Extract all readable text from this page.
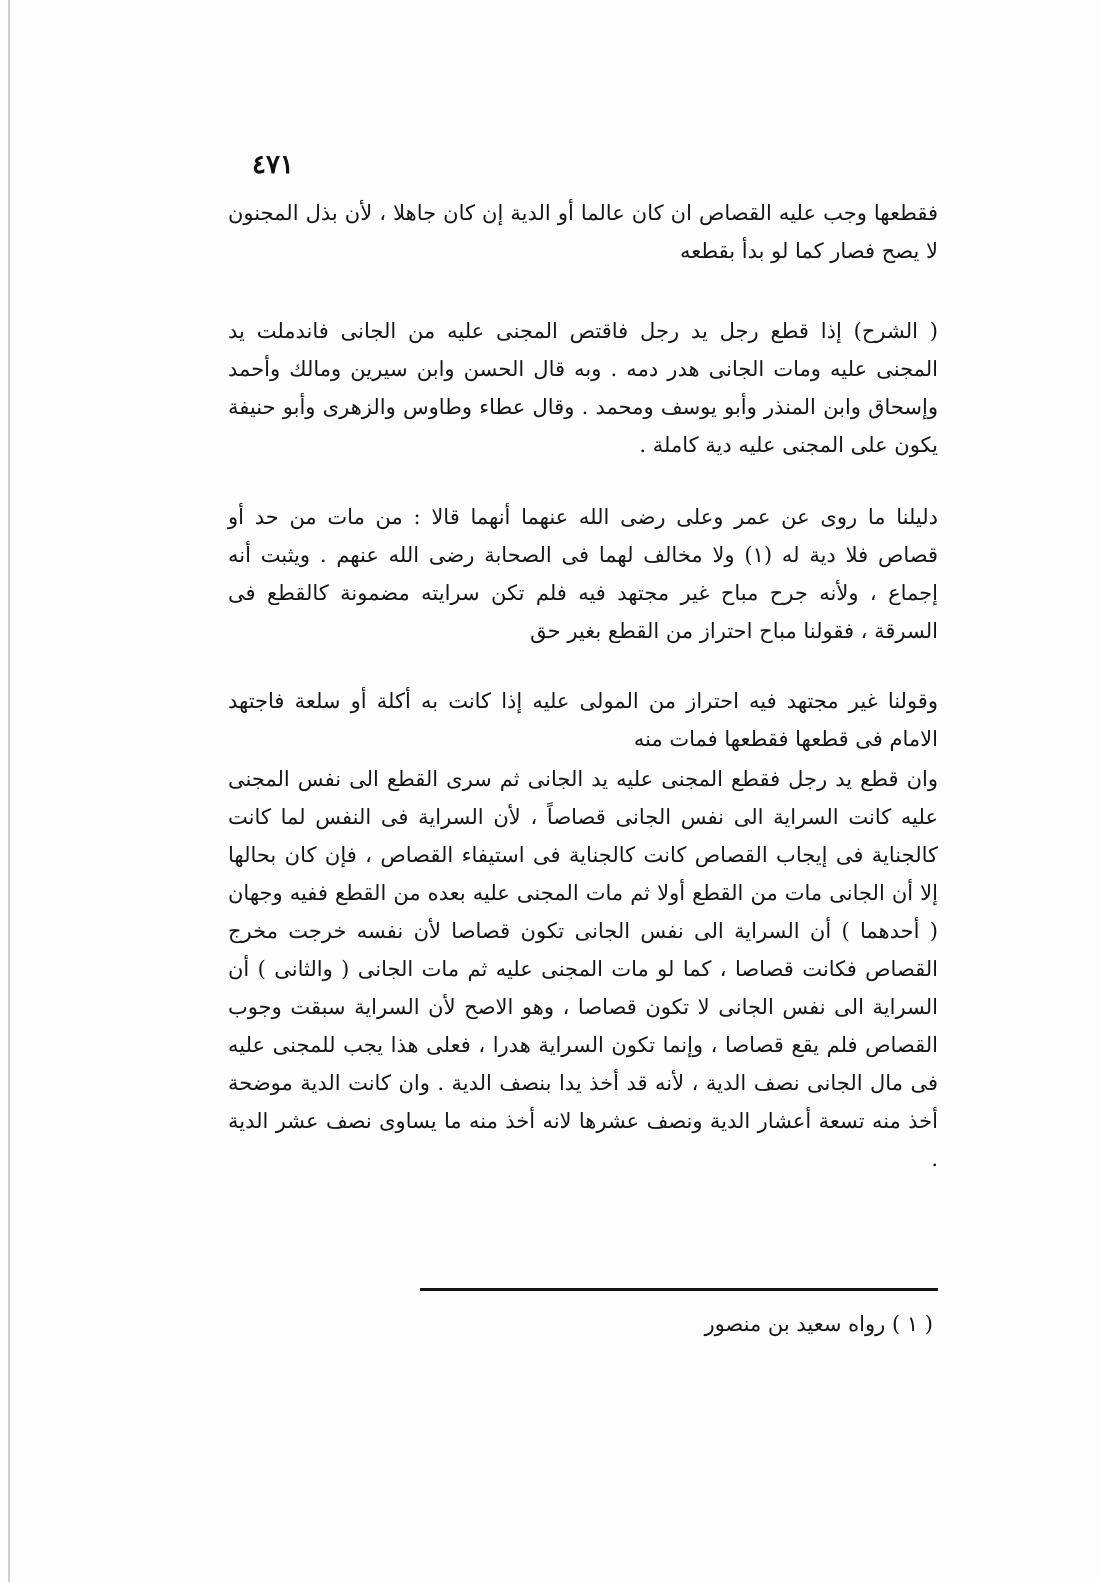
٤٧١

فقطعها وجب عليه القصاص ان كان عالما أو الدية إن كان جاهلا ، لأن بذل المجنون لا يصح فصار كما لو بدأ بقطعه

( الشرح) إذا قطع رجل يد رجل فاقتص المجنى عليه من الجانى فاندملت يد المجنى عليه ومات الجانى هدر دمه . وبه قال الحسن وابن سيرين ومالك وأحمد وإسحاق وابن المنذر وأبو يوسف ومحمد . وقال عطاء وطاوس والزهرى وأبو حنيفة يكون على المجنى عليه دية كاملة .

دليلنا ما روى عن عمر وعلى رضى الله عنهما أنهما قالا : من مات من حد أو قصاص فلا دية له (١) ولا مخالف لهما فى الصحابة رضى الله عنهم . ويثبت أنه إجماع ، ولأنه جرح مباح غير مجتهد فيه فلم تكن سرايته مضمونة كالقطع فى السرقة ، فقولنا مباح احتراز من القطع بغير حق

وقولنا غير مجتهد فيه احتراز من المولى عليه إذا كانت به أكلة أو سلعة فاجتهد الامام فى قطعها فقطعها فمات منه

وان قطع يد رجل فقطع المجنى عليه يد الجانى ثم سرى القطع الى نفس المجنى عليه كانت السراية الى نفس الجانى قصاصاً ، لأن السراية فى النفس لما كانت كالجناية فى إيجاب القصاص كانت كالجناية فى استيفاء القصاص ، فإن كان بحالها إلا أن الجانى مات من القطع أولا ثم مات المجنى عليه بعده من القطع ففيه وجهان ( أحدهما ) أن السراية الى نفس الجانى تكون قصاصا لأن نفسه خرجت مخرج القصاص فكانت قصاصا ، كما لو مات المجنى عليه ثم مات الجانى ( والثانى ) أن السراية الى نفس الجانى لا تكون قصاصا ، وهو الاصح لأن السراية سبقت وجوب القصاص فلم يقع قصاصا ، وإنما تكون السراية هدرا ، فعلى هذا يجب للمجنى عليه فى مال الجانى نصف الدية ، لأنه قد أخذ يدا بنصف الدية . وان كانت الدية موضحة أخذ منه تسعة أعشار الدية ونصف عشرها لانه أخذ منه ما يساوى نصف عشر الدية .

( ١ ) رواه سعيد بن منصور
